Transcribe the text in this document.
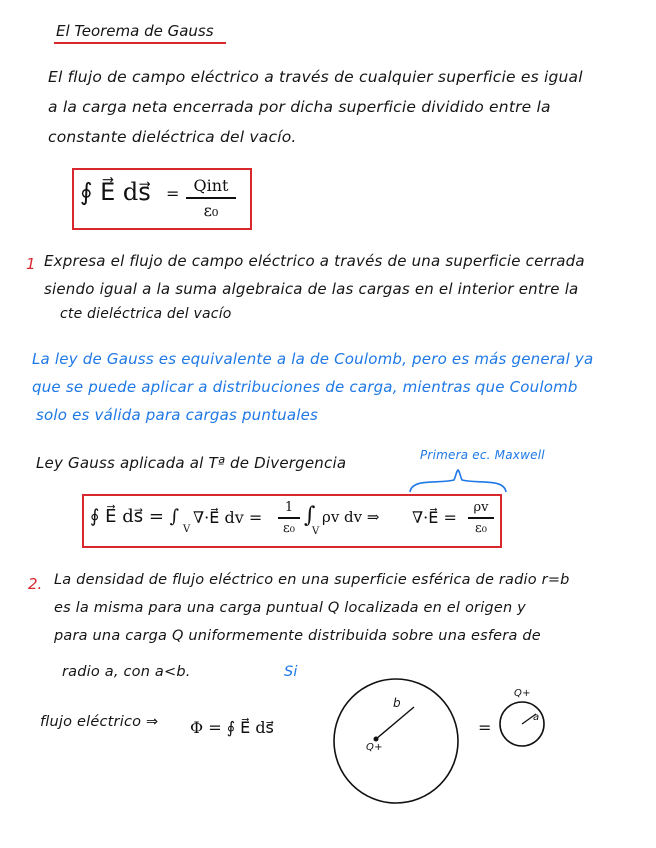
El Teorema de Gauss
El flujo de campo eléctrico a través de cualquier superficie es igual
a la carga neta encerrada por dicha superficie dividido entre la
constante dieléctrica del vacío.
∮ E⃗ ds⃗ = Qint
ε₀
1 Expresa el flujo de campo eléctrico a través de una superficie cerrada
siendo igual a la suma algebraica de las cargas en el interior entre la
cte dieléctrica del vacío
La ley de Gauss es equivalente a la de Coulomb, pero es más general ya
que se puede aplicar a distribuciones de carga, mientras que Coulomb
solo es válida para cargas puntuales
Ley Gauss aplicada al Tª de Divergencia	Primera ec. Maxwell
∮ E⃗ ds⃗ = ∫
V
∇·E⃗ dv =
1
ε₀ ∫
V
ρv dv ⇒ ∇·E⃗ =
ρv
ε₀
2. La densidad de flujo eléctrico en una superficie esférica de radio r=b
es la misma para una carga puntual Q localizada en el origen y
para una carga Q uniformemente distribuida sobre una esfera de
radio a, con a<b.	Si
flujo eléctrico ⇒ Φ = ∮ E⃗ ds⃗
b
Q+
=
a
Q+
